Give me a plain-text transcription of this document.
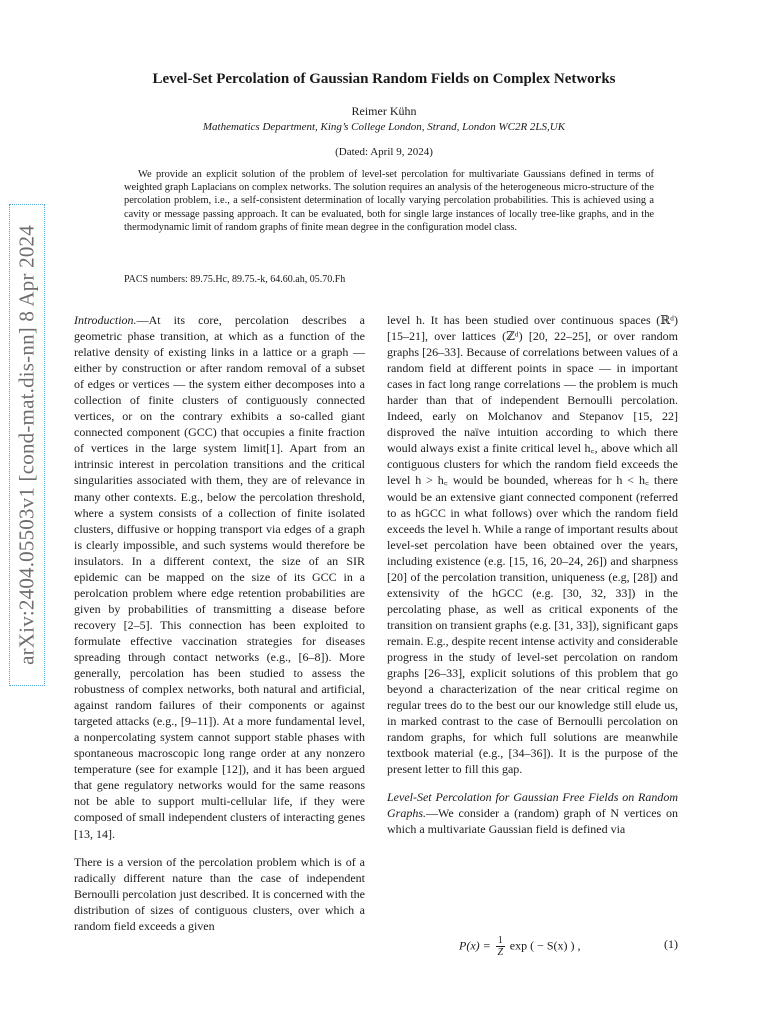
arXiv:2404.05503v1 [cond-mat.dis-nn] 8 Apr 2024
Level-Set Percolation of Gaussian Random Fields on Complex Networks
Reimer Kühn
Mathematics Department, King’s College London, Strand, London WC2R 2LS,UK
(Dated: April 9, 2024)
We provide an explicit solution of the problem of level-set percolation for multivariate Gaussians defined in terms of weighted graph Laplacians on complex networks. The solution requires an analysis of the heterogeneous micro-structure of the percolation problem, i.e., a self-consistent determination of locally varying percolation probabilities. This is achieved using a cavity or message passing approach. It can be evaluated, both for single large instances of locally tree-like graphs, and in the thermodynamic limit of random graphs of finite mean degree in the configuration model class.
PACS numbers: 89.75.Hc, 89.75.-k, 64.60.ah, 05.70.Fh

Introduction.—At its core, percolation describes a geometric phase transition, at which as a function of the relative density of existing links in a lattice or a graph — either by construction or after random removal of a subset of edges or vertices — the system either decomposes into a collection of finite clusters of contiguously connected vertices, or on the contrary exhibits a so-called giant connected component (GCC) that occupies a finite fraction of vertices in the large system limit[1]. Apart from an intrinsic interest in percolation transitions and the critical singularities associated with them, they are of relevance in many other contexts. E.g., below the percolation threshold, where a system consists of a collection of finite isolated clusters, diffusive or hopping transport via edges of a graph is clearly impossible, and such systems would therefore be insulators. In a different context, the size of an SIR epidemic can be mapped on the size of its GCC in a perolcation problem where edge retention probabilities are given by probabilities of transmitting a disease before recovery [2–5]. This connection has been exploited to formulate effective vaccination strategies for diseases spreading through contact networks (e.g., [6–8]). More generally, percolation has been studied to assess the robustness of complex networks, both natural and artificial, against random failures of their components or against targeted attacks (e.g., [9–11]). At a more fundamental level, a nonpercolating system cannot support stable phases with spontaneous macroscopic long range order at any nonzero temperature (see for example [12]), and it has been argued that gene regulatory networks would for the same reasons not be able to support multi-cellular life, if they were composed of small independent clusters of interacting genes [13, 14].

There is a version of the percolation problem which is of a radically different nature than the case of independent Bernoulli percolation just described. It is concerned with the distribution of sizes of contiguous clusters, over which a random field exceeds a given

level h. It has been studied over continuous spaces (ℝᵈ) [15–21], over lattices (ℤᵈ) [20, 22–25], or over random graphs [26–33]. Because of correlations between values of a random field at different points in space — in important cases in fact long range correlations — the problem is much harder than that of independent Bernoulli percolation. Indeed, early on Molchanov and Stepanov [15, 22] disproved the naïve intuition according to which there would always exist a finite critical level h꜀, above which all contiguous clusters for which the random field exceeds the level h > h꜀ would be bounded, whereas for h < h꜀ there would be an extensive giant connected component (referred to as hGCC in what follows) over which the random field exceeds the level h. While a range of important results about level-set percolation have been obtained over the years, including existence (e.g. [15, 16, 20–24, 26]) and sharpness [20] of the percolation transition, uniqueness (e.g, [28]) and extensivity of the hGCC (e.g. [30, 32, 33]) in the percolating phase, as well as critical exponents of the transition on transient graphs (e.g. [31, 33]), significant gaps remain. E.g., despite recent intense activity and considerable progress in the study of level-set percolation on random graphs [26–33], explicit solutions of this problem that go beyond a characterization of the near critical regime on regular trees do to the best our our knowledge still elude us, in marked contrast to the case of Bernoulli percolation on random graphs, for which full solutions are meanwhile textbook material (e.g., [34–36]). It is the purpose of the present letter to fill this gap.

Level-Set Percolation for Gaussian Free Fields on Random Graphs.—We consider a (random) graph of N vertices on which a multivariate Gaussian field is defined via

$P(x) = \frac{1}{Z}$ exp ( − S(x) ) ,	(1)
